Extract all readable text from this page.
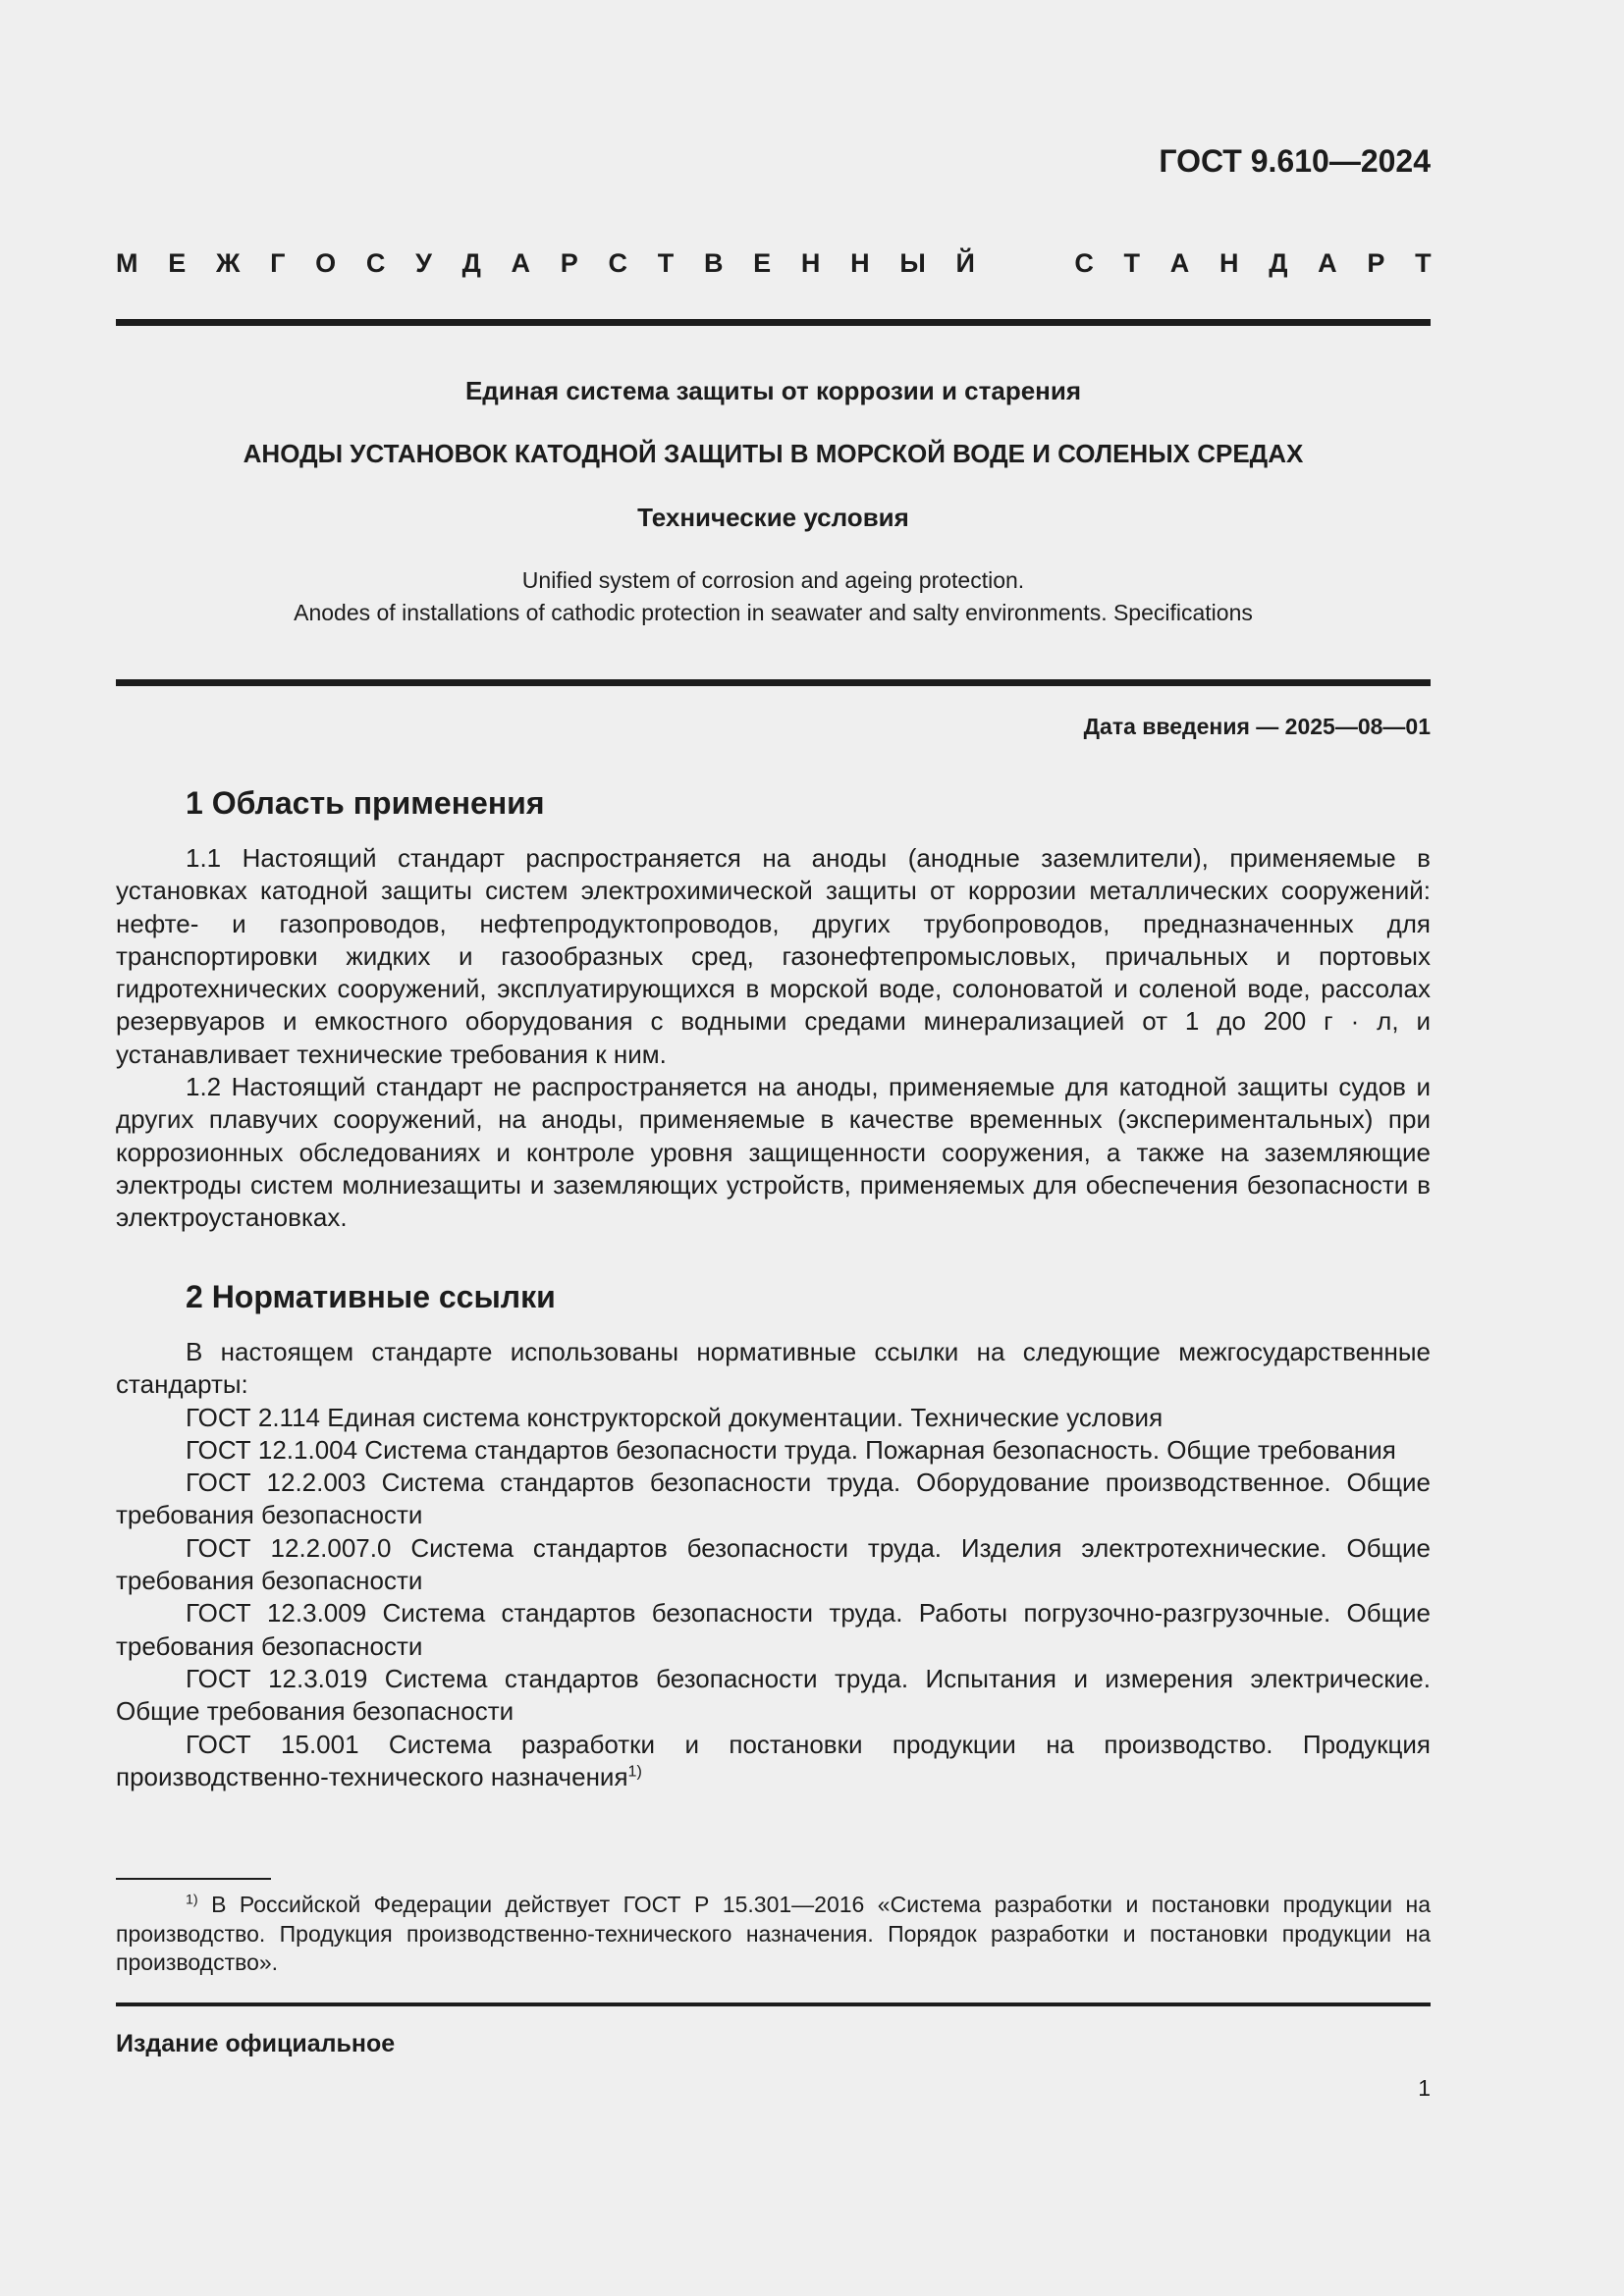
ГОСТ 9.610—2024
М Е Ж Г О С У Д А Р С Т В Е Н Н Ы Й	С Т А Н Д А Р Т
Единая система защиты от коррозии и старения
АНОДЫ УСТАНОВОК КАТОДНОЙ ЗАЩИТЫ В МОРСКОЙ ВОДЕ И СОЛЕНЫХ СРЕДАХ
Технические условия
Unified system of corrosion and ageing protection.
Anodes of installations of cathodic protection in seawater and salty environments. Specifications
Дата введения — 2025—08—01
1 Область применения

1.1 Настоящий стандарт распространяется на аноды (анодные заземлители), применяемые в установках катодной защиты систем электрохимической защиты от коррозии металлических сооружений: нефте- и газопроводов, нефтепродуктопроводов, других трубопроводов, предназначенных для транспортировки жидких и газообразных сред, газонефтепромысловых, причальных и портовых гидротехнических сооружений, эксплуатирующихся в морской воде, солоноватой и соленой воде, рассолах резервуаров и емкостного оборудования с водными средами минерализацией от 1 до 200 г · л, и устанавливает технические требования к ним.

1.2 Настоящий стандарт не распространяется на аноды, применяемые для катодной защиты судов и других плавучих сооружений, на аноды, применяемые в качестве временных (экспериментальных) при коррозионных обследованиях и контроле уровня защищенности сооружения, а также на заземляющие электроды систем молниезащиты и заземляющих устройств, применяемых для обеспечения безопасности в электроустановках.

2 Нормативные ссылки

В настоящем стандарте использованы нормативные ссылки на следующие межгосударственные стандарты:

ГОСТ 2.114 Единая система конструкторской документации. Технические условия

ГОСТ 12.1.004 Система стандартов безопасности труда. Пожарная безопасность. Общие требования

ГОСТ 12.2.003 Система стандартов безопасности труда. Оборудование производственное. Общие требования безопасности

ГОСТ 12.2.007.0 Система стандартов безопасности труда. Изделия электротехнические. Общие требования безопасности

ГОСТ 12.3.009 Система стандартов безопасности труда. Работы погрузочно-разгрузочные. Общие требования безопасности

ГОСТ 12.3.019 Система стандартов безопасности труда. Испытания и измерения электрические. Общие требования безопасности

ГОСТ 15.001 Система разработки и постановки продукции на производство. Продукция производственно-технического назначения$^{1)}$

$^{1)}$ В Российской Федерации действует ГОСТ Р 15.301—2016 «Система разработки и постановки продукции на производство. Продукция производственно-технического назначения. Порядок разработки и постановки продукции на производство».

Издание официальное
1
